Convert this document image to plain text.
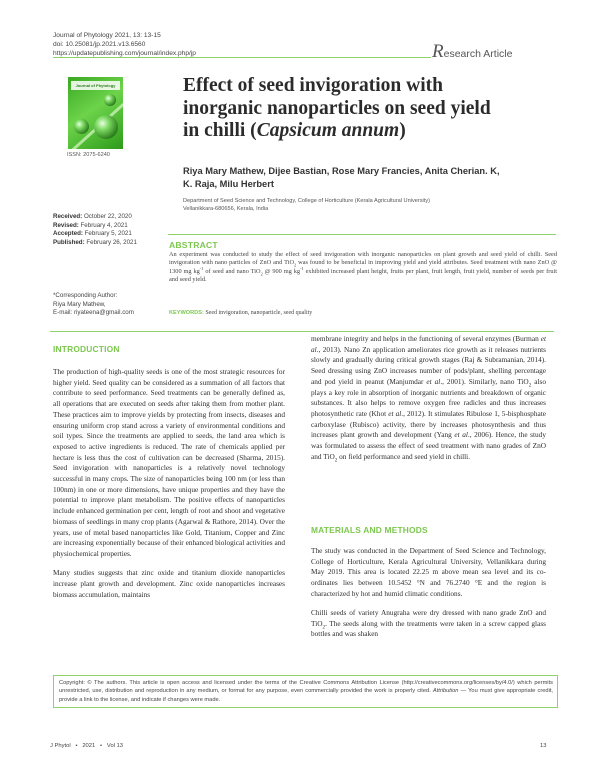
Journal of Phytology 2021, 13: 13-15
doi: 10.25081/jp.2021.v13.6560
https://updatepublishing.com/journal/index.php/jp	Research Article
Journal of Phytology
ISSN: 2075-6240
Effect of seed invigoration with
inorganic nanoparticles on seed yield
in chilli (Capsicum annum)
Riya Mary Mathew, Dijee Bastian, Rose Mary Francies, Anita Cherian. K,
K. Raja, Milu Herbert
Department of Seed Science and Technology, College of Horticulture (Kerala Agricultural University)
Vellanikkara-680656, Kerala, India
Received: October 22, 2020
Revised: February 4, 2021
Accepted: February 5, 2021
Published: February 26, 2021
*Corresponding Author:
Riya Mary Mathew,
E-mail: riyateena@gmail.com
ABSTRACT
An experiment was conducted to study the effect of seed invigoration with inorganic nanoparticles on plant growth and seed yield of chilli. Seed invigoration with nano particles of ZnO and TiO$_2$ was found to be beneficial in improving yield and yield attributes. Seed treatment with nano ZnO @ 1300 mg $kg^{-1}$ of seed and nano TiO$_2$ @ 900 mg $kg^{-1}$ exhibited increased plant height, fruits per plant, fruit length, fruit yield, number of seeds per fruit and seed yield.
KEYWORDS: Seed invigoration, nanoparticle, seed quality
INTRODUCTION

The production of high-quality seeds is one of the most strategic resources for higher yield. Seed quality can be considered as a summation of all factors that contribute to seed performance. Seed treatments can be generally defined as, all operations that are executed on seeds after taking them from mother plant. These practices aim to improve yields by protecting from insects, diseases and ensuring uniform crop stand across a variety of environmental conditions and soil types. Since the treatments are applied to seeds, the land area which is exposed to active ingredients is reduced. The rate of chemicals applied per hectare is less thus the cost of cultivation can be decreased (Sharma, 2015). Seed invigoration with nanoparticles is a relatively novel technology successful in many crops. The size of nanoparticles being 100 nm (or less than 100nm) in one or more dimensions, have unique properties and they have the potential to improve plant metabolism. The positive effects of nanoparticles include enhanced germination per cent, length of root and shoot and vegetative biomass of seedlings in many crop plants (Agarwal & Rathore, 2014). Over the years, use of metal based nanoparticles like Gold, Titanium, Copper and Zinc are increasing exponentially because of their enhanced biological activities and physiochemical properties.

Many studies suggests that zinc oxide and titanium dioxide nanoparticles increase plant growth and development. Zinc oxide nanoparticles increases biomass accumulation, maintains

membrane integrity and helps in the functioning of several enzymes (Burman et al., 2013). Nano Zn application ameliorates rice growth as it releases nutrients slowly and gradually during critical growth stages (Raj & Subramanian, 2014). Seed dressing using ZnO increases number of pods/plant, shelling percentage and pod yield in peanut (Manjumdar et al., 2001). Similarly, nano TiO$_2$ also plays a key role in absorption of inorganic nutrients and breakdown of organic substances. It also helps to remove oxygen free radicles and thus increases photosynthetic rate (Khot et al., 2012). It stimulates Ribulose 1, 5-bisphosphate carboxylase (Rubisco) activity, there by increases photosynthesis and thus increases plant growth and development (Yang et al., 2006). Hence, the study was formulated to assess the effect of seed treatment with nano grades of ZnO and TiO$_2$ on field performance and seed yield in chilli.

MATERIALS AND METHODS

The study was conducted in the Department of Seed Science and Technology, College of Horticulture, Kerala Agricultural University, Vellanikkara during May 2019. This area is located 22.25 m above mean sea level and its co-ordinates lies between 10.5452 °N and 76.2740 °E and the region is characterized by hot and humid climatic conditions.

Chilli seeds of variety Anugraha were dry dressed with nano grade ZnO and TiO$_2$. The seeds along with the treatments were taken in a screw capped glass bottles and was shaken

Copyright: © The authors. This article is open access and licensed under the terms of the Creative Commons Attribution License (http://creativecommons.org/licenses/by/4.0/) which permits unrestricted, use, distribution and reproduction in any medium, or format for any purpose, even commercially provided the work is properly cited. Attribution — You must give appropriate credit, provide a link to the license, and indicate if changes were made.
J Phytol   •   2021   •   Vol 13	13
